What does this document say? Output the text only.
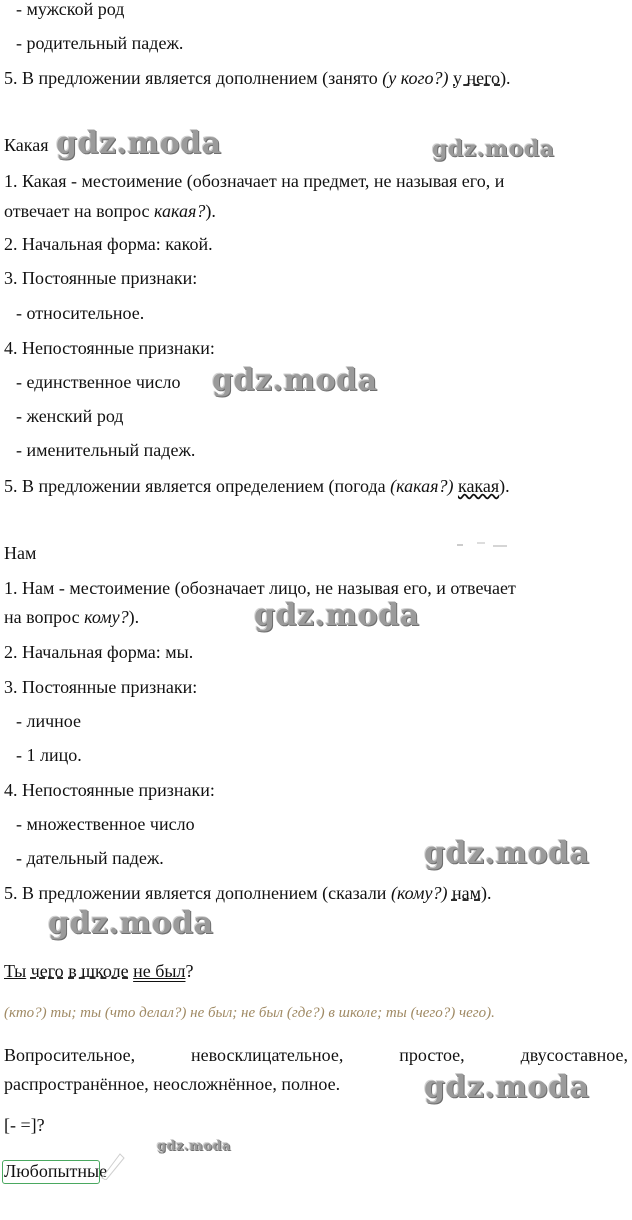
- мужской род
- родительный падеж.
5. В предложении является дополнением (занято (у кого?) у него).
Какая
1. Какая - местоимение (обозначает на предмет, не называя его, и
отвечает на вопрос какая?).
2. Начальная форма: какой.
3. Постоянные признаки:
- относительное.
4. Непостоянные признаки:
- единственное число
- женский род
- именительный падеж.
5. В предложении является определением (погода (какая?) какая).
Нам
1. Нам - местоимение (обозначает лицо, не называя его, и отвечает
на вопрос кому?).
2. Начальная форма: мы.
3. Постоянные признаки:
- личное
- 1 лицо.
4. Непостоянные признаки:
- множественное число
- дательный падеж.
5. В предложении является дополнением (сказали (кому?) нам).
Ты чего в школе не был?
(кто?) ты; ты (что делал?) не был; не был (где?) в школе; ты (чего?) чего).
Вопросительное,	невосклицательное,	простое,	двусоставное,
распространённое, неосложнённое, полное.
[- =]?
Любопытные
gdz.moda	gdz.moda
gdz.moda
gdz.moda
gdz.moda
gdz.moda
gdz.moda
gdz.moda
